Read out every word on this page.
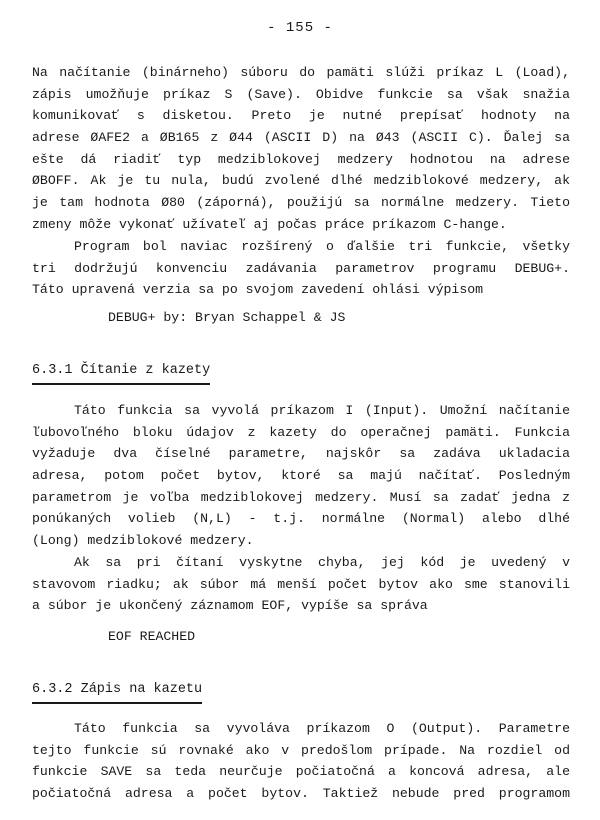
- 155 -
Na načítanie (binárneho) súboru do pamäti slúži príkaz L (Load),
zápis umožňuje príkaz S (Save). Obidve funkcie sa však snažia
komunikovať s disketou. Preto je nutné prepísať hodnoty na
adrese ØAFE2 a ØB165 z Ø44 (ASCII D) na Ø43 (ASCII C). Ďalej sa
ešte dá riadiť typ medziblokovej medzery hodnotou na adrese
ØBOFF. Ak je tu nula, budú zvolené dlhé medziblokové medzery, ak
je tam hodnota Ø80 (záporná), použijú sa normálne medzery. Tieto
zmeny môže vykonať užívateľ aj počas práce príkazom C-hange.
Program bol naviac rozšírený o ďalšie tri funkcie, všetky
tri dodržujú konvenciu zadávania parametrov programu DEBUG+.
Táto upravená verzia sa po svojom zavedení ohlási výpisom
DEBUG+ by: Bryan Schappel & JS
6.3.1 Čítanie z kazety
Táto funkcia sa vyvolá príkazom I (Input). Umožní načítanie
ľubovoľného bloku údajov z kazety do operačnej pamäti. Funkcia
vyžaduje dva číselné parametre, najskôr sa zadáva ukladacia
adresa, potom počet bytov, ktoré sa majú načítať. Posledným
parametrom je voľba medziblokovej medzery. Musí sa zadať jedna z
ponúkaných volieb (N,L) - t.j. normálne (Normal) alebo dlhé
(Long) medziblokové medzery.
Ak sa pri čítaní vyskytne chyba, jej kód je uvedený v
stavovom riadku; ak súbor má menší počet bytov ako sme stanovili
a súbor je ukončený záznamom EOF, vypíše sa správa
EOF REACHED
6.3.2 Zápis na kazetu
Táto funkcia sa vyvoláva príkazom O (Output). Parametre
tejto funkcie sú rovnaké ako v predošlom prípade. Na rozdiel od
funkcie SAVE sa teda neurčuje počiatočná a koncová adresa, ale
počiatočná adresa a počet bytov. Taktiež nebude pred programom
